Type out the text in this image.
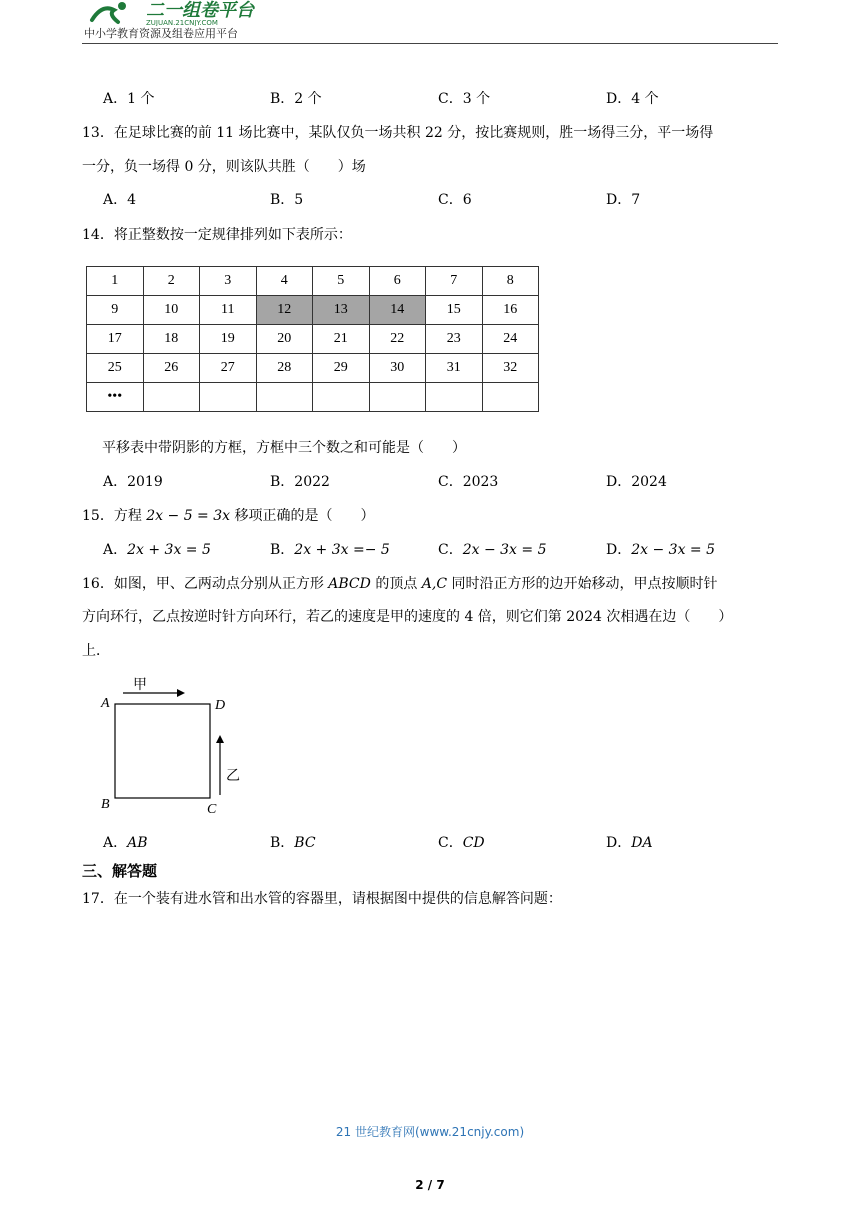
二一组卷平台
ZUJUAN.21CNJY.COM
中小学教育资源及组卷应用平台
A．1 个	B．2 个	C．3 个	D．4 个
13．在足球比赛的前 11 场比赛中，某队仅负一场共积 22 分，按比赛规则，胜一场得三分，平一场得
一分，负一场得 0 分，则该队共胜（　　）场
A．4	B．5	C．6	D．7
14．将正整数按一定规律排列如下表所示：
1	2	3	4	5	6	7	8
9	10	11	12	13	14	15	16
17	18	19	20	21	22	23	24
25	26	27	28	29	30	31	32
•••							
平移表中带阴影的方框，方框中三个数之和可能是（　　）
A．2019	B．2022	C．2023	D．2024
15．方程 2x − 5 = 3x 移项正确的是（　　）
A．2x + 3x = 5	B．2x + 3x =− 5	C．2x − 3x = 5	D．2x − 3x = 5
16．如图，甲、乙两动点分别从正方形 ABCD 的顶点 A,C 同时沿正方形的边开始移动，甲点按顺时针
方向环行，乙点按逆时针方向环行，若乙的速度是甲的速度的 4 倍，则它们第 2024 次相遇在边（　　）
上．
A	D
B	C
甲
乙
A．AB	B．BC	C．CD	D．DA
三、解答题
17．在一个装有进水管和出水管的容器里，请根据图中提供的信息解答问题：
21 世纪教育网(www.21cnjy.com)
2 / 7
